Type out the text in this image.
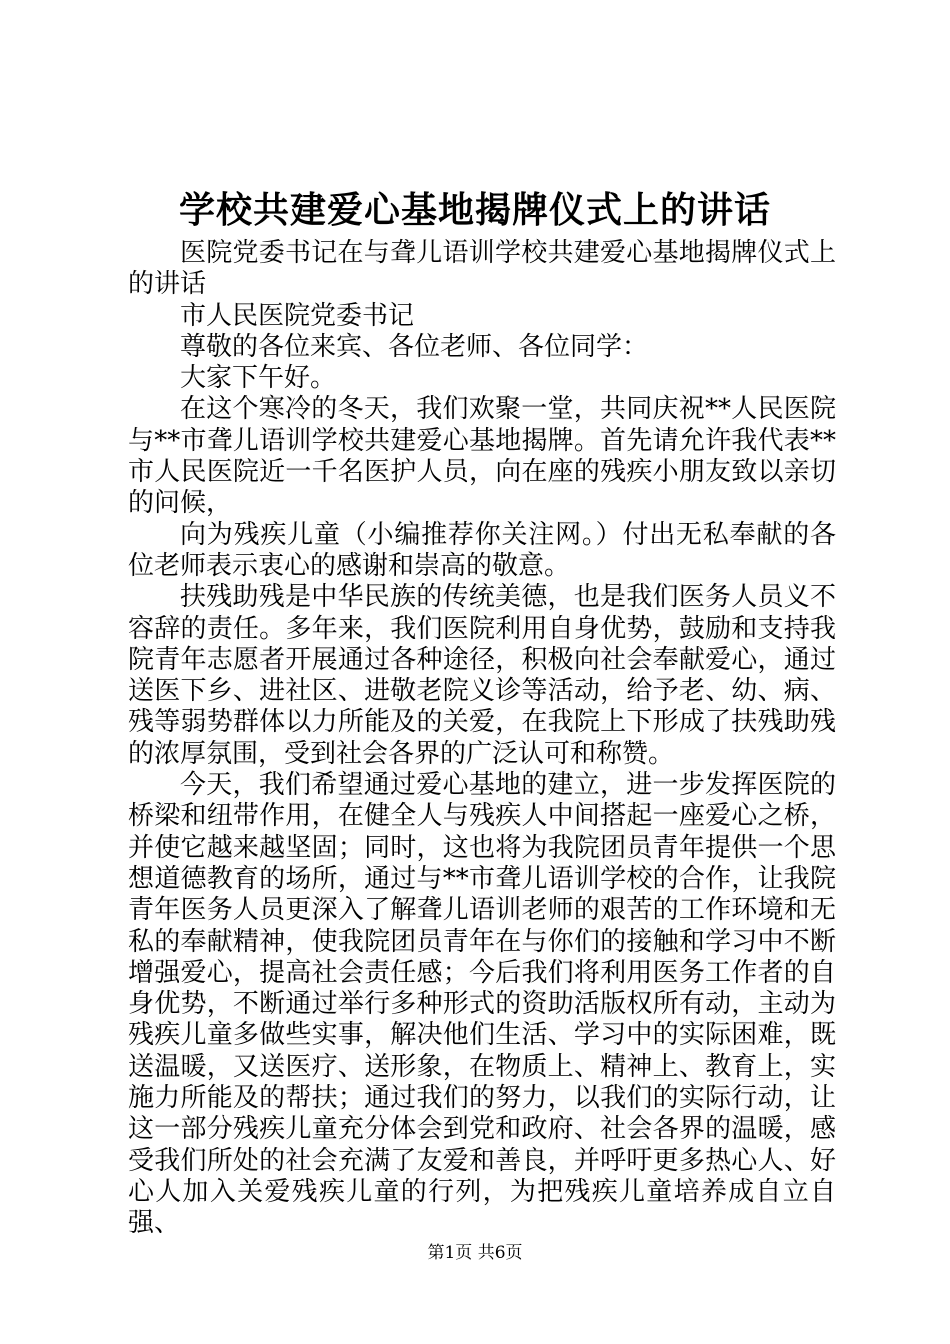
学校共建爱心基地揭牌仪式上的讲话

医院党委书记在与聋儿语训学校共建爱心基地揭牌仪式上的讲话

市人民医院党委书记

尊敬的各位来宾、各位老师、各位同学：

大家下午好。

在这个寒冷的冬天，我们欢聚一堂，共同庆祝**人民医院与**市聋儿语训学校共建爱心基地揭牌。首先请允许我代表**市人民医院近一千名医护人员，向在座的残疾小朋友致以亲切的问候，

向为残疾儿童（小编推荐你关注网。）付出无私奉献的各位老师表示衷心的感谢和崇高的敬意。

扶残助残是中华民族的传统美德，也是我们医务人员义不容辞的责任。多年来，我们医院利用自身优势，鼓励和支持我院青年志愿者开展通过各种途径，积极向社会奉献爱心，通过送医下乡、进社区、进敬老院义诊等活动，给予老、幼、病、残等弱势群体以力所能及的关爱，在我院上下形成了扶残助残的浓厚氛围，受到社会各界的广泛认可和称赞。

今天，我们希望通过爱心基地的建立，进一步发挥医院的桥梁和纽带作用，在健全人与残疾人中间搭起一座爱心之桥，并使它越来越坚固；同时，这也将为我院团员青年提供一个思想道德教育的场所，通过与**市聋儿语训学校的合作，让我院青年医务人员更深入了解聋儿语训老师的艰苦的工作环境和无私的奉献精神，使我院团员青年在与你们的接触和学习中不断增强爱心，提高社会责任感；今后我们将利用医务工作者的自身优势，不断通过举行多种形式的资助活版权所有动，主动为残疾儿童多做些实事，解决他们生活、学习中的实际困难，既送温暖，又送医疗、送形象，在物质上、精神上、教育上，实施力所能及的帮扶；通过我们的努力，以我们的实际行动，让这一部分残疾儿童充分体会到党和政府、社会各界的温暖，感受我们所处的社会充满了友爱和善良，并呼吁更多热心人、好心人加入关爱残疾儿童的行列，为把残疾儿童培养成自立自强、

第1页 共6页
